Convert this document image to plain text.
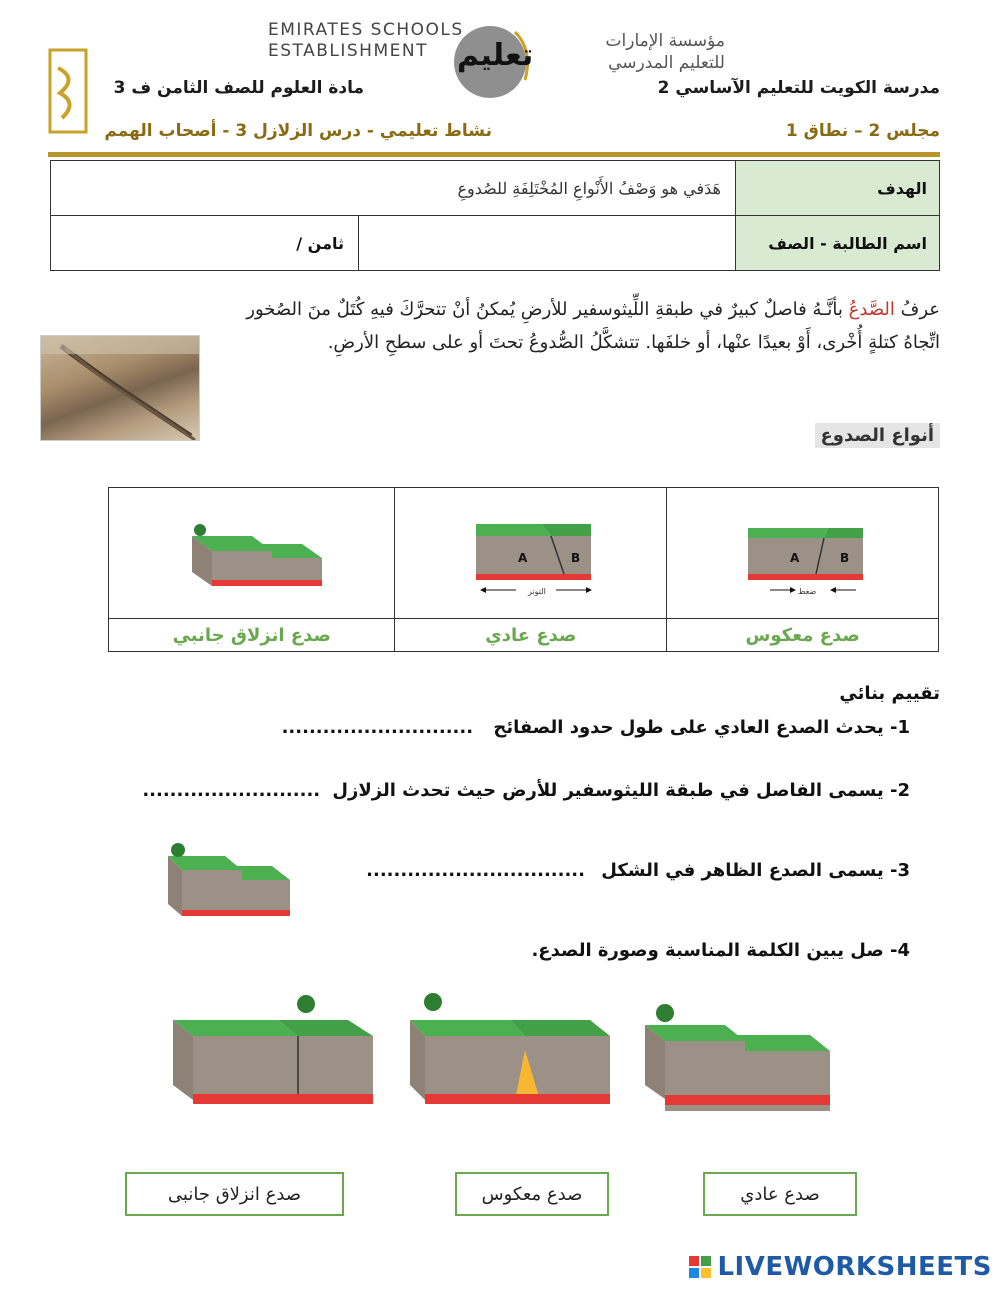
EMIRATES SCHOOLS
ESTABLISHMENT تعليم	مؤسسة الإمارات
للتعليم المدرسي
مادة العلوم للصف الثامن ف 3	مدرسة الكويت للتعليم الآساسي 2
نشاط تعليمي - درس الزلازل 3 - أصحاب الهمم	مجلس 2 – نطاق 1
هَدَفي هو وَصْفُ الأَنْواعِ المُخْتَلِفَةِ للصُدوعِ		الهدف
ثامن /		اسم الطالبة - الصف
عرفُ الصَّدعُ بأنَّـهُ فاصلٌ كبيرٌ في طبقةِ اللِّيثوسفير للأرضِ يُمكنُ أنْ تتحرَّكَ فيهِ كُتَلٌ منَ الصُخور
اتِّجاهُ كتلةٍ أُخْرى، أَوْ بعيدًا عنْها، أو خلفَها. تتشكَّلُ الصُّدوعُ تحتَ أو على سطحِ الأرضِ.
أنواع الصدوع

A B
التوتر	A B
ضغط

صدع انزلاق جانبي	صدع عادي	صدع معكوس
تقييم بنائي
1- يحدث الصدع العادي على طول حدود الصفائح ............................
2- يسمى الفاصل في طبقة الليثوسفير للأرض حيث تحدث الزلازل ..........................
3- يسمى الصدع الظاهر في الشكل ................................
4- صل يبين الكلمة المناسبة وصورة الصدع.
صدع انزلاق جانبى	صدع معكوس	صدع عادي
LIVEWORKSHEETS
